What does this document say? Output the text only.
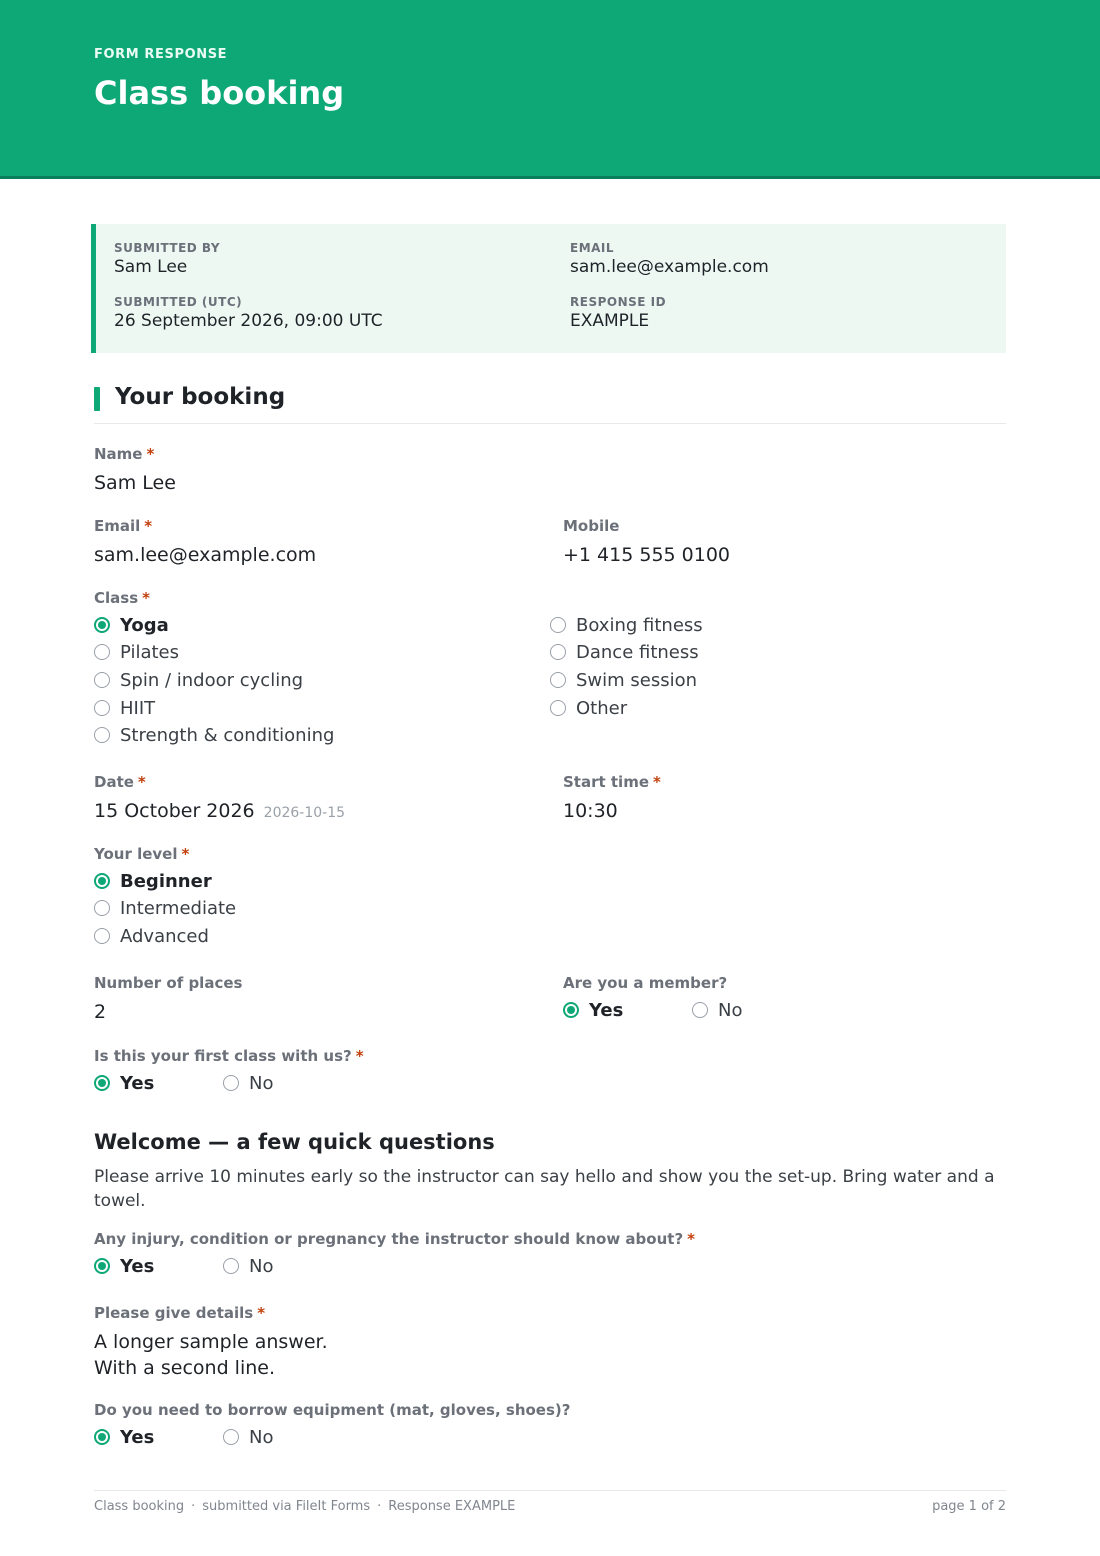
FORM RESPONSE
Class booking
SUBMITTED BY
Sam Lee
EMAIL
sam.lee@example.com
SUBMITTED (UTC)
26 September 2026, 09:00 UTC
RESPONSE ID
EXAMPLE
Your booking
Name *
Sam Lee
Email *
sam.lee@example.com
Mobile
+1 415 555 0100
Class *
Yoga
Pilates
Spin / indoor cycling
HIIT
Strength & conditioning
Boxing fitness
Dance fitness
Swim session
Other
Date *
15 October 2026 2026-10-15
Start time *
10:30
Your level *
Beginner
Intermediate
Advanced
Number of places
2
Are you a member?
Yes	No
Is this your first class with us? *
Yes	No
Welcome — a few quick questions
Please arrive 10 minutes early so the instructor can say hello and show you the set-up. Bring water and a towel.
Any injury, condition or pregnancy the instructor should know about? *
Yes	No
Please give details *
A longer sample answer.
With a second line.
Do you need to borrow equipment (mat, gloves, shoes)?
Yes	No
Class booking · submitted via FileIt Forms · Response EXAMPLE	page 1 of 2
